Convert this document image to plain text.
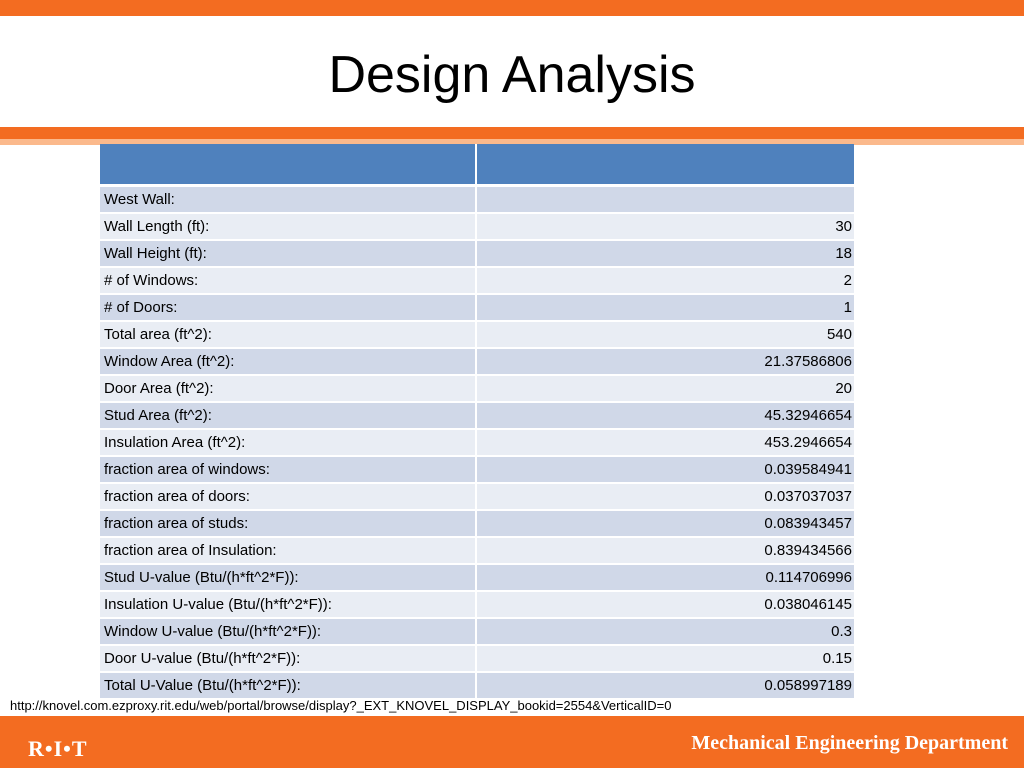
Design Analysis

West Wall:	
Wall Length (ft):	30
Wall Height (ft):	18
# of Windows:	2
# of Doors:	1
Total area (ft^2):	540
Window Area (ft^2):	21.37586806
Door Area (ft^2):	20
Stud Area (ft^2):	45.32946654
Insulation Area (ft^2):	453.2946654
fraction area of windows:	0.039584941
fraction area of doors:	0.037037037
fraction area of studs:	0.083943457
fraction area of Insulation:	0.839434566
Stud U-value (Btu/(h*ft^2*F)):	0.114706996
Insulation U-value (Btu/(h*ft^2*F)):	0.038046145
Window U-value (Btu/(h*ft^2*F)):	0.3
Door U-value (Btu/(h*ft^2*F)):	0.15
Total U-Value (Btu/(h*ft^2*F)):	0.058997189
http://knovel.com.ezproxy.rit.edu/web/portal/browse/display?_EXT_KNOVEL_DISPLAY_bookid=2554&VerticalID=0
R•I•T	Mechanical Engineering Department
